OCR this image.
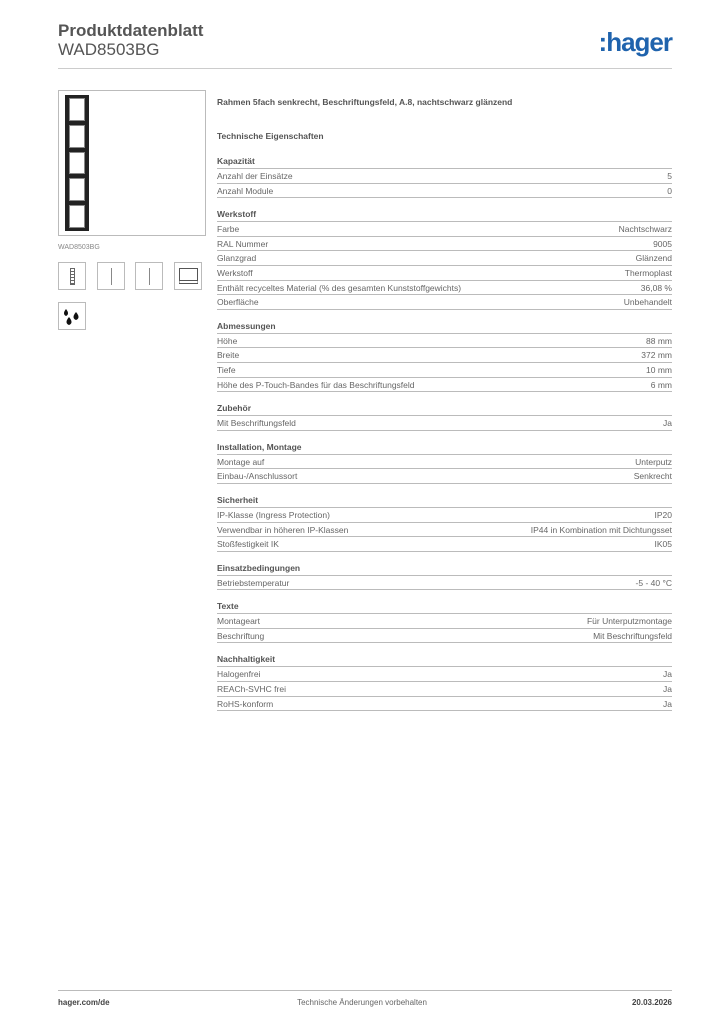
Produktdatenblatt
WAD8503BG	:hager
WAD8503BG
Rahmen 5fach senkrecht, Beschriftungsfeld, A.8, nachtschwarz glänzend
Technische Eigenschaften
Kapazität
Anzahl der Einsätze	5
Anzahl Module	0
Werkstoff
Farbe	Nachtschwarz
RAL Nummer	9005
Glanzgrad	Glänzend
Werkstoff	Thermoplast
Enthält recyceltes Material (% des gesamten Kunststoffgewichts)	36,08 %
Oberfläche	Unbehandelt
Abmessungen
Höhe	88 mm
Breite	372 mm
Tiefe	10 mm
Höhe des P-Touch-Bandes für das Beschriftungsfeld	6 mm
Zubehör
Mit Beschriftungsfeld	Ja
Installation, Montage
Montage auf	Unterputz
Einbau-/Anschlussort	Senkrecht
Sicherheit
IP-Klasse (Ingress Protection)	IP20
Verwendbar in höheren IP-Klassen	IP44 in Kombination mit Dichtungsset
Stoßfestigkeit IK	IK05
Einsatzbedingungen
Betriebstemperatur	-5 - 40 °C
Texte
Montageart	Für Unterputzmontage
Beschriftung	Mit Beschriftungsfeld
Nachhaltigkeit
Halogenfrei	Ja
REACh-SVHC frei	Ja
RoHS-konform	Ja
hager.com/de	Technische Änderungen vorbehalten	20.03.2026
